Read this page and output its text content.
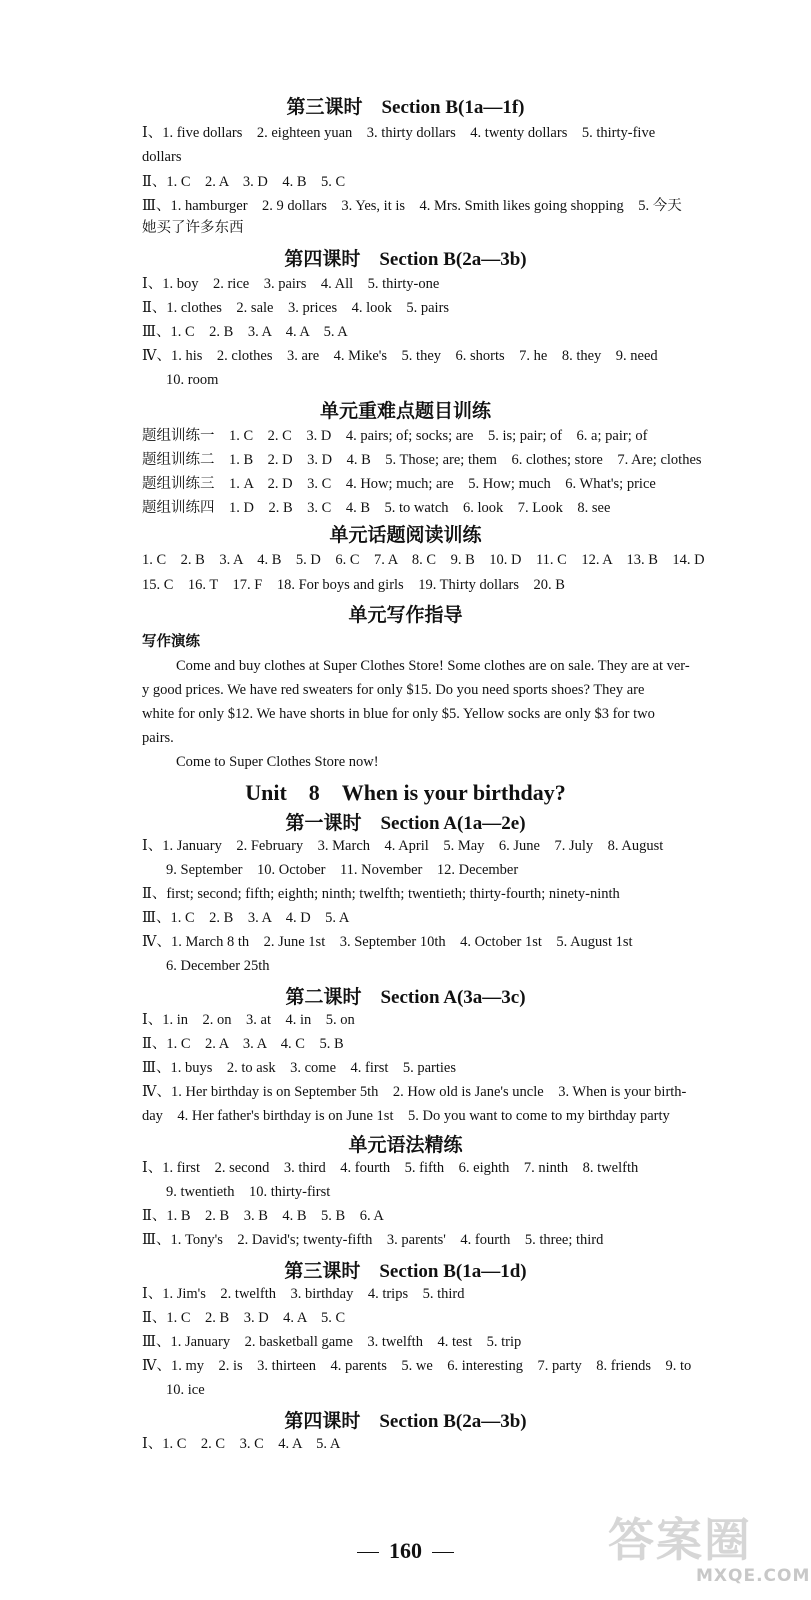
第三课时　Section B(1a—1f)
Ⅰ、1. five dollars　2. eighteen yuan　3. thirty dollars　4. twenty dollars　5. thirty-five
dollars
Ⅱ、1. C　2. A　3. D　4. B　5. C
Ⅲ、1. hamburger　2. 9 dollars　3. Yes, it is　4. Mrs. Smith likes going shopping　5. 今天
她买了许多东西
第四课时　Section B(2a—3b)
Ⅰ、1. boy　2. rice　3. pairs　4. All　5. thirty-one
Ⅱ、1. clothes　2. sale　3. prices　4. look　5. pairs
Ⅲ、1. C　2. B　3. A　4. A　5. A
Ⅳ、1. his　2. clothes　3. are　4. Mike's　5. they　6. shorts　7. he　8. they　9. need
10. room
单元重难点题目训练
题组训练一　1. C　2. C　3. D　4. pairs; of; socks; are　5. is; pair; of　6. a; pair; of
题组训练二　1. B　2. D　3. D　4. B　5. Those; are; them　6. clothes; store　7. Are; clothes
题组训练三　1. A　2. D　3. C　4. How; much; are　5. How; much　6. What's; price
题组训练四　1. D　2. B　3. C　4. B　5. to watch　6. look　7. Look　8. see
单元话题阅读训练
1. C　2. B　3. A　4. B　5. D　6. C　7. A　8. C　9. B　10. D　11. C　12. A　13. B　14. D
15. C　16. T　17. F　18. For boys and girls　19. Thirty dollars　20. B
单元写作指导
写作演练
Come and buy clothes at Super Clothes Store! Some clothes are on sale. They are at ver-
y good prices. We have red sweaters for only $15. Do you need sports shoes? They are
white for only $12. We have shorts in blue for only $5. Yellow socks are only $3 for two
pairs.
Come to Super Clothes Store now!
Unit　8　When is your birthday?
第一课时　Section A(1a—2e)
Ⅰ、1. January　2. February　3. March　4. April　5. May　6. June　7. July　8. August
9. September　10. October　11. November　12. December
Ⅱ、first; second; fifth; eighth; ninth; twelfth; twentieth; thirty-fourth; ninety-ninth
Ⅲ、1. C　2. B　3. A　4. D　5. A
Ⅳ、1. March 8 th　2. June 1st　3. September 10th　4. October 1st　5. August 1st
6. December 25th
第二课时　Section A(3a—3c)
Ⅰ、1. in　2. on　3. at　4. in　5. on
Ⅱ、1. C　2. A　3. A　4. C　5. B
Ⅲ、1. buys　2. to ask　3. come　4. first　5. parties
Ⅳ、1. Her birthday is on September 5th　2. How old is Jane's uncle　3. When is your birth-
day　4. Her father's birthday is on June 1st　5. Do you want to come to my birthday party
单元语法精练
Ⅰ、1. first　2. second　3. third　4. fourth　5. fifth　6. eighth　7. ninth　8. twelfth
9. twentieth　10. thirty-first
Ⅱ、1. B　2. B　3. B　4. B　5. B　6. A
Ⅲ、1. Tony's　2. David's; twenty-fifth　3. parents'　4. fourth　5. three; third
第三课时　Section B(1a—1d)
Ⅰ、1. Jim's　2. twelfth　3. birthday　4. trips　5. third
Ⅱ、1. C　2. B　3. D　4. A　5. C
Ⅲ、1. January　2. basketball game　3. twelfth　4. test　5. trip
Ⅳ、1. my　2. is　3. thirteen　4. parents　5. we　6. interesting　7. party　8. friends　9. to
10. ice
第四课时　Section B(2a—3b)
Ⅰ、1. C　2. C　3. C　4. A　5. A
160	答案圈
MXQE.COM
